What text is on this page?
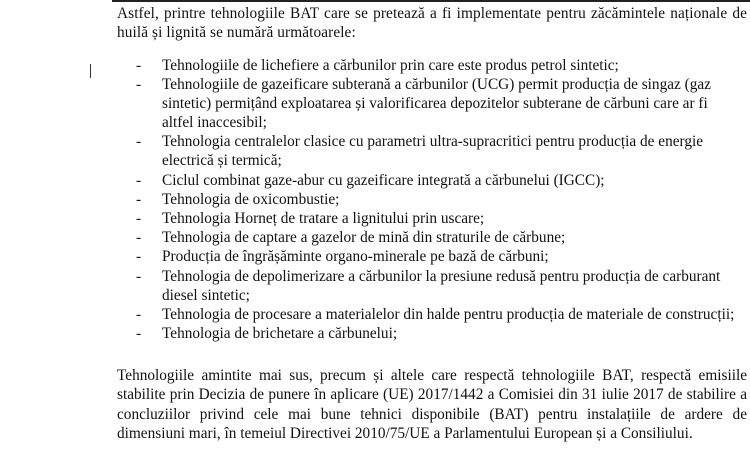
Astfel, printre tehnologiile BAT care se pretează a fi implementate pentru zăcămintele naționale de huilă și lignită se numără următoarele:

- Tehnologiile de lichefiere a cărbunilor prin care este produs petrol sintetic;
- Tehnologiile de gazeificare subterană a cărbunilor (UCG) permit producția de singaz (gaz sintetic) permițând exploatarea și valorificarea depozitelor subterane de cărbuni care ar fi altfel inaccesibil;
- Tehnologia centralelor clasice cu parametri ultra-supracritici pentru producția de energie electrică și termică;
- Ciclul combinat gaze-abur cu gazeificare integrată a cărbunelui (IGCC);
- Tehnologia de oxicombustie;
- Tehnologia Horneț de tratare a lignitului prin uscare;
- Tehnologia de captare a gazelor de mină din straturile de cărbune;
- Producția de îngrășăminte organo-minerale pe bază de cărbuni;
- Tehnologia de depolimerizare a cărbunilor la presiune redusă pentru producția de carburant diesel sintetic;
- Tehnologia de procesare a materialelor din halde pentru producția de materiale de construcții;
- Tehnologia de brichetare a cărbunelui;

Tehnologiile amintite mai sus, precum și altele care respectă tehnologiile BAT, respectă emisiile stabilite prin Decizia de punere în aplicare (UE) 2017/1442 a Comisiei din 31 iulie 2017 de stabilire a concluziilor privind cele mai bune tehnici disponibile (BAT) pentru instalațiile de ardere de dimensiuni mari, în temeiul Directivei 2010/75/UE a Parlamentului European și a Consiliului.
